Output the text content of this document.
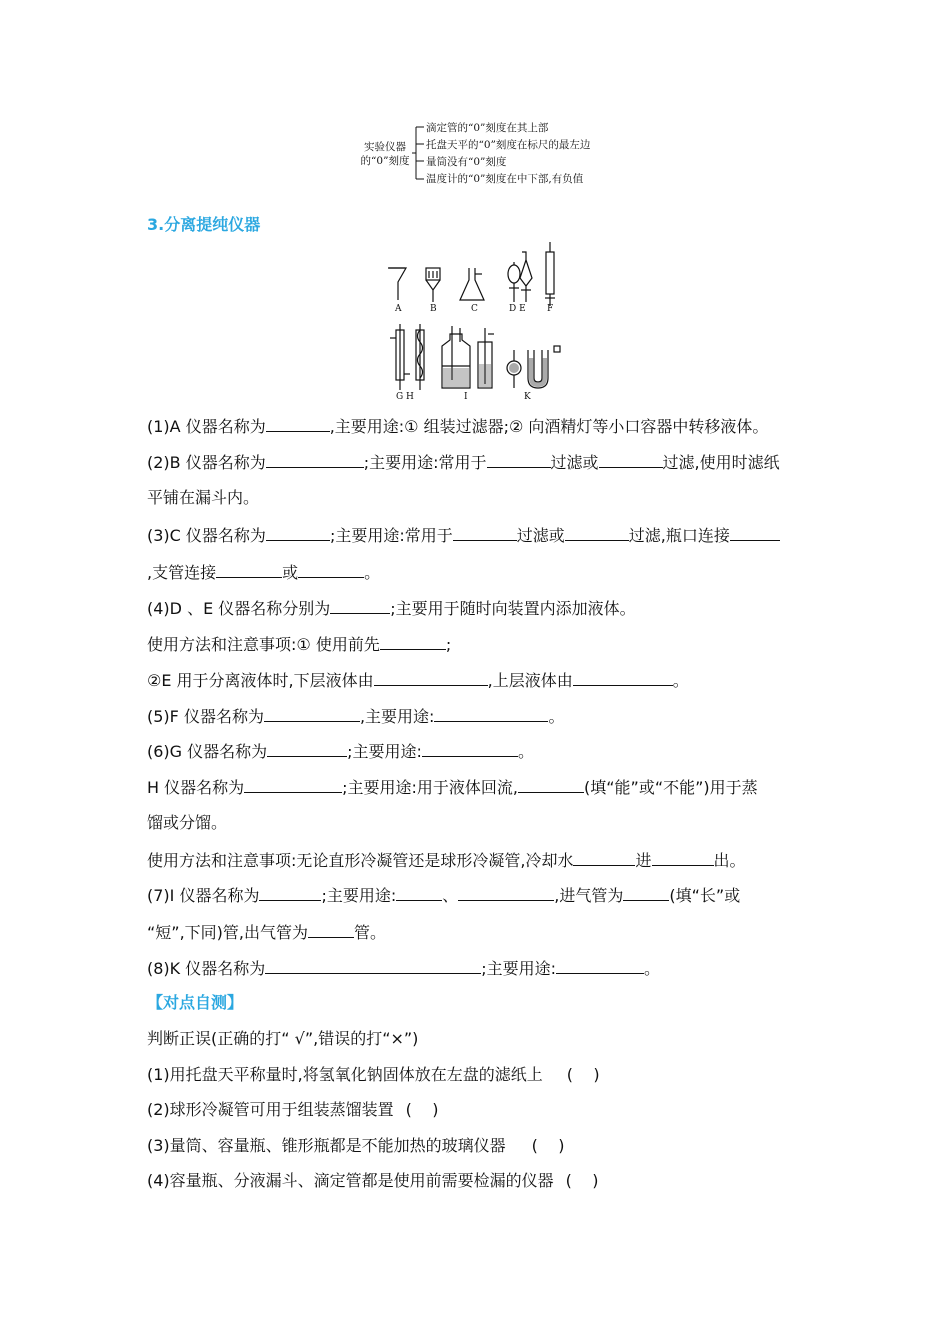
实验仪器
的“0”刻度
滴定管的“0”刻度在其上部
托盘天平的“0”刻度在标尺的最左边
量筒没有“0”刻度
温度计的“0”刻度在中下部,有负值
3.分离提纯仪器
A	B	C	D E F
G H	I	K
(1)A 仪器名称为	,主要用途:① 组装过滤器;② 向酒精灯等小口容器中转移液体。
(2)B 仪器名称为	;主要用途:常用于	过滤或	过滤,使用时滤纸
平铺在漏斗内。
(3)C 仪器名称为	;主要用途:常用于	过滤或	过滤,瓶口连接
,支管连接	或	。
(4)D 、E 仪器名称分别为	;主要用于随时向装置内添加液体。
使用方法和注意事项:① 使用前先	;
②E 用于分离液体时,下层液体由	,上层液体由	。
(5)F 仪器名称为	,主要用途:	。
(6)G 仪器名称为	;主要用途:	。
H 仪器名称为	;主要用途:用于液体回流,	(填“能”或“不能”)用于蒸
馏或分馏。
使用方法和注意事项:无论直形冷凝管还是球形冷凝管,冷却水	进	出。
(7)I 仪器名称为	;主要用途:	、	,进气管为	(填“长”或
“短”,下同)管,出气管为	管。
(8)K 仪器名称为	;主要用途:	。
【对点自测】
判断正误(正确的打“ √”,错误的打“×”)
(1)用托盘天平称量时,将氢氧化钠固体放在左盘的滤纸上 (    )
(2)球形冷凝管可用于组装蒸馏装置 (    )
(3)量筒、容量瓶、锥形瓶都是不能加热的玻璃仪器 (    )
(4)容量瓶、分液漏斗、滴定管都是使用前需要检漏的仪器 (    )
